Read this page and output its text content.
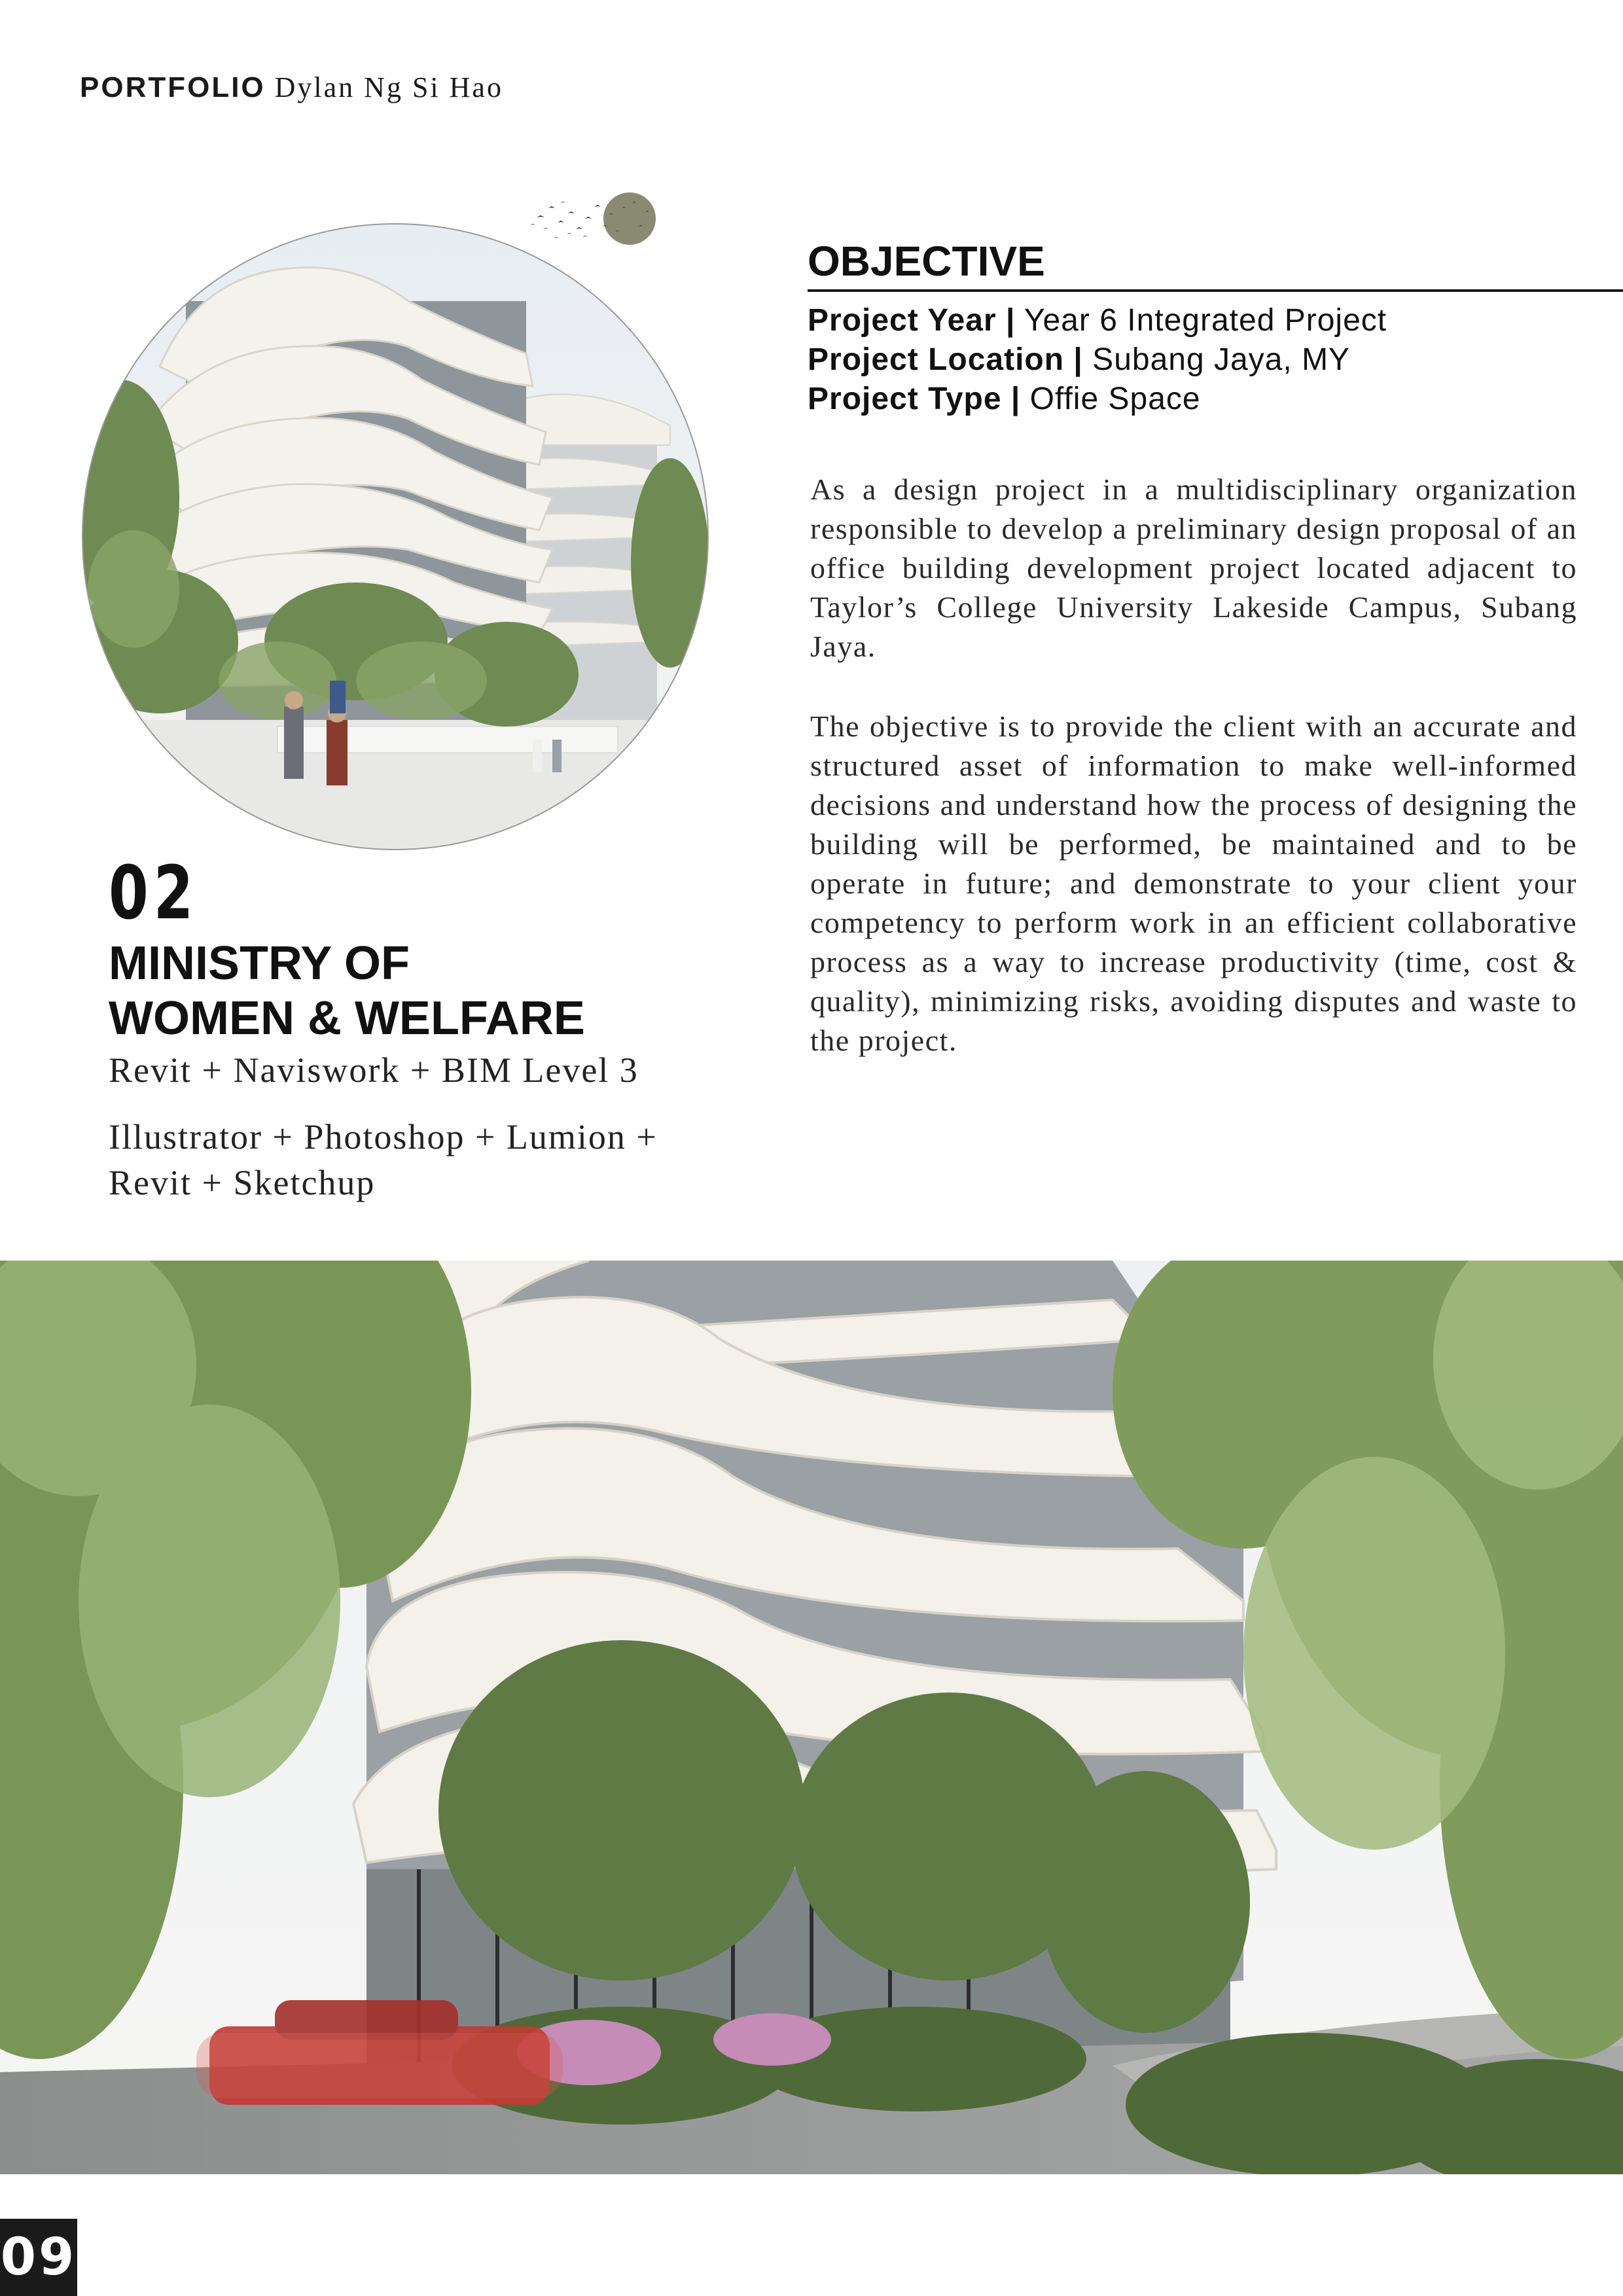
PORTFOLIO Dylan Ng Si Hao
02
MINISTRY OF
WOMEN & WELFARE
Revit + Naviswork + BIM Level 3
Illustrator + Photoshop + Lumion +
Revit + Sketchup
OBJECTIVE
Project Year | Year 6 Integrated Project
Project Location | Subang Jaya, MY
Project Type | Offie Space
As a design project in a multidisciplinary organization responsible to develop a preliminary design proposal of an office building development project located adjacent to Taylor’s College University Lakeside Campus, Subang Jaya.
The objective is to provide the client with an accurate and structured asset of information to make well-informed decisions and understand how the process of designing the building will be performed, be maintained and to be operate in future; and demonstrate to your client your competency to perform work in an efficient collaborative process as a way to increase productivity (time, cost & quality), minimizing risks, avoiding disputes and waste to the project.
09
